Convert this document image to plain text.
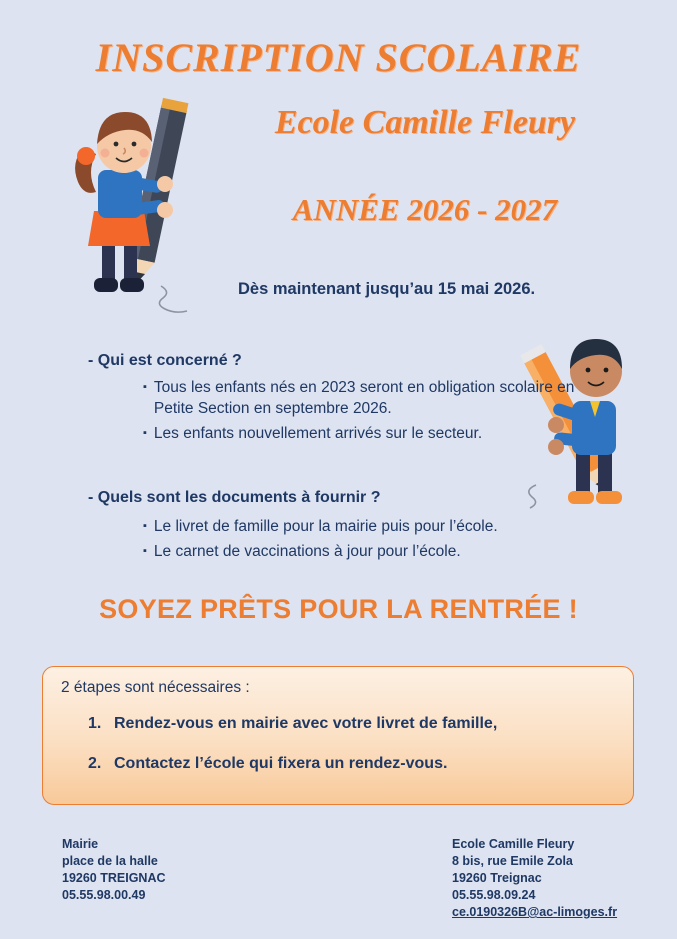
INSCRIPTION SCOLAIRE
Ecole Camille Fleury
ANNÉE 2026 - 2027
Dès maintenant jusqu’au 15 mai 2026.
- Qui est concerné ?
▪ Tous les enfants nés en 2023 seront en obligation scolaire en Petite Section en septembre 2026.
▪ Les enfants nouvellement arrivés sur le secteur.
- Quels sont les documents à fournir ?
▪ Le livret de famille pour la mairie puis pour l’école.
▪ Le carnet de vaccinations à jour pour l’école.
SOYEZ PRÊTS POUR LA RENTRÉE !
2 étapes sont nécessaires :
1. Rendez-vous en mairie avec votre livret de famille,
2. Contactez l’école qui fixera un rendez-vous.
Mairie
place de la halle
19260 TREIGNAC
05.55.98.00.49
Ecole Camille Fleury
8 bis, rue Emile Zola
19260 Treignac
05.55.98.09.24
ce.0190326B@ac-limoges.fr
